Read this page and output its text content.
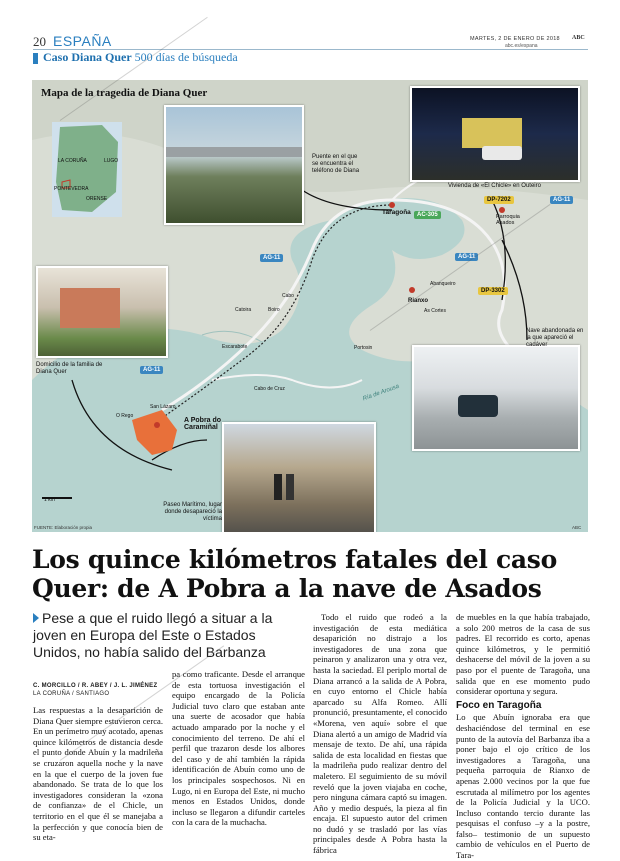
20 ESPAÑA	MARTES, 2 DE ENERO DE 2018 ABC
abc.es/espana
Caso Diana Quer 500 días de búsqueda
LA CORUÑA	LUGO
PONTEVEDRA
ORENSE
Puente en el que se encuentra el teléfono de Diana
Vivienda de «El Chicle» en Outeiro
Nave abandonada en la que apareció el cadáver
Domicilio de la familia de Diana Quer
Paseo Marítimo, lugar donde desapareció la víctima
Taragoña
Parroquia Asados
Rianxo
Abanqueiro
As Cortes
Boiro
Cabo
Catoira
Escarabote	Portosin
Cabo de Cruz	Ría de Arousa
O Rego
San Lázaro
A Pobra do Caramiñal
AC-305
AG-11	AG-11
AG-11
AG-11
DP-7202
DP-3302
1 km
FUENTE: Elaboración propia	ABC
Mapa de la tragedia de Diana Quer
Los quince kilómetros fatales del caso Quer: de A Pobra a la nave de Asados
Pese a que el ruido llegó a situar a la joven en Europa del Este o Estados Unidos, no había salido del Barbanza
C. MORCILLO / R. ABEY / J. L. JIMÉNEZ
LA CORUÑA / SANTIAGO
Las respuestas a la desaparición de Diana Quer siempre estuvieron cerca. En un perímetro muy acotado, apenas quince kilómetros de distancia desde el punto donde Abuín y la madrileña se cruzaron aquella noche y la nave en la que el cuerpo de la joven fue abandonado. Se trata de lo que los investigadores consideran la «zona de confianza» de el Chicle, un territorio en el que él se manejaba a la perfección y que conocía bien de su eta-
pa como traficante. Desde el arranque de esta tortuosa investigación el equipo encargado de la Policía Judicial tuvo claro que estaban ante una suerte de acosador que había actuado amparado por la noche y el conocimiento del terreno. De ahí el perfil que trazaron desde los albores del caso y de ahí también la rápida identificación de Abuín como uno de los principales sospechosos. Ni en Lugo, ni en Europa del Este, ni mucho menos en Estados Unidos, donde incluso se llegaron a difundir carteles con la cara de la muchacha.
Todo el ruido que rodeó a la investigación de esta mediática desaparición no distrajo a los investigadores de una zona que peinaron y analizaron una y otra vez, hasta la saciedad. El periplo mortal de Diana arrancó a la salida de A Pobra, en cuyo entorno el Chicle había aparcado su Alfa Romeo. Allí pronunció, presuntamente, el conocido «Morena, ven aquí» sobre el que Diana alertó a un amigo de Madrid vía mensaje de texto. De ahí, una rápida salida de esta localidad en fiestas que la madrileña pudo realizar dentro del maletero. El seguimiento de su móvil reveló que la joven viajaba en coche, pero ninguna cámara captó su imagen. Año y medio después, la pieza al fin encaja. El supuesto autor del crimen no dudó y se trasladó por las vías principales desde A Pobra hasta la fábrica
de muebles en la que había trabajado, a solo 200 metros de la casa de sus padres. El recorrido es corto, apenas quince kilómetros, y le permitió deshacerse del móvil de la joven a su paso por el puente de Taragoña, una salida que en ese momento pudo considerar oportuna y segura.
Foco en Taragoña
Lo que Abuín ignoraba era que deshaciéndose del terminal en ese punto de la autovía del Barbanza iba a poner bajo el ojo crítico de los investigadores a Taragoña, una pequeña parroquia de Rianxo de apenas 2.000 vecinos por la que fue escrutada al milímetro por los agentes de la Policía Judicial y la UCO. Incluso contando tercio durante las pesquisas el confuso –y a la postre, falso– testimonio de un supuesto cambio de vehículos en el Puerto de Tara-
